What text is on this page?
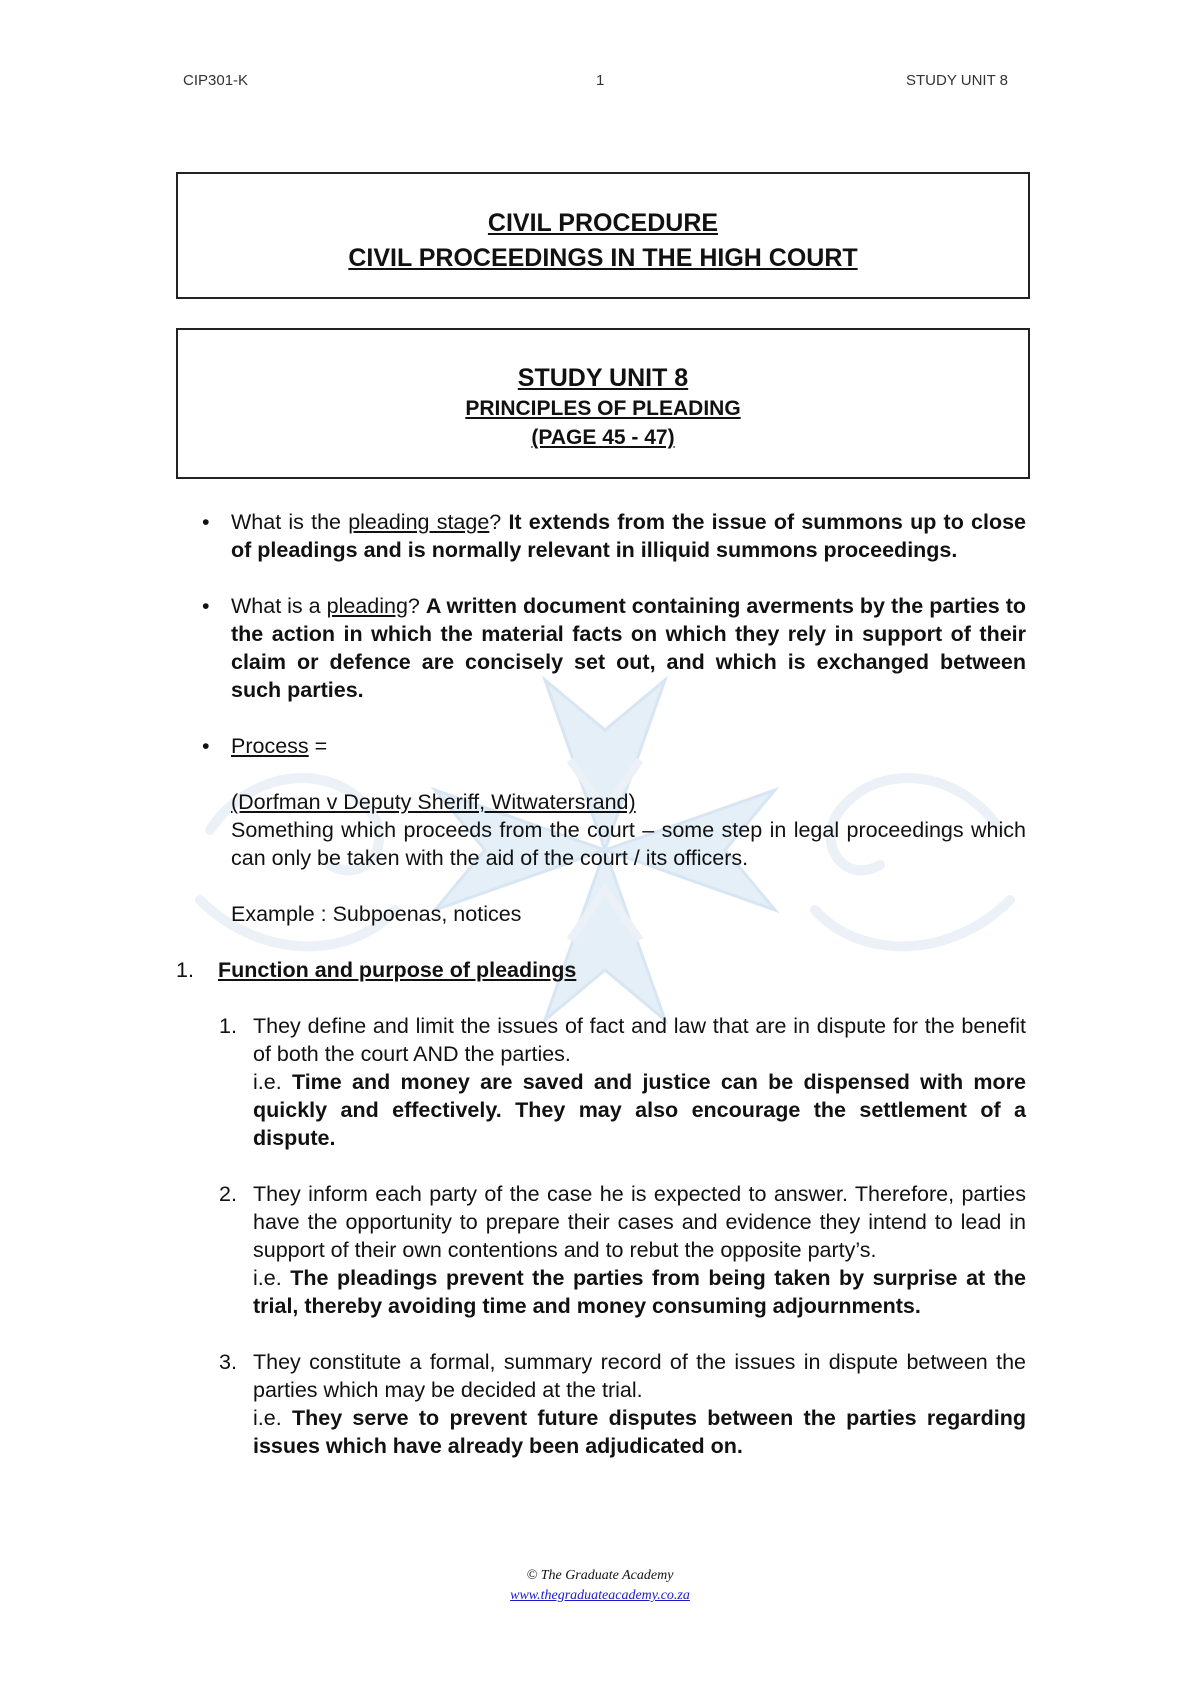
CIP301-K	1	STUDY UNIT 8
CIVIL PROCEDURE
CIVIL PROCEEDINGS IN THE HIGH COURT
STUDY UNIT 8
PRINCIPLES OF PLEADING
(PAGE 45 - 47)
• What is the pleading stage? It extends from the issue of summons up to close of pleadings and is normally relevant in illiquid summons proceedings.
• What is a pleading? A written document containing averments by the parties to the action in which the material facts on which they rely in support of their claim or defence are concisely set out, and which is exchanged between such parties.
• Process =
(Dorfman v Deputy Sheriff, Witwatersrand)
Something which proceeds from the court – some step in legal proceedings which can only be taken with the aid of the court / its officers.
Example : Subpoenas, notices
1. Function and purpose of pleadings
1. They define and limit the issues of fact and law that are in dispute for the benefit of both the court AND the parties.
i.e. Time and money are saved and justice can be dispensed with more quickly and effectively. They may also encourage the settlement of a dispute.
2. They inform each party of the case he is expected to answer. Therefore, parties have the opportunity to prepare their cases and evidence they intend to lead in support of their own contentions and to rebut the opposite party’s.
i.e. The pleadings prevent the parties from being taken by surprise at the trial, thereby avoiding time and money consuming adjournments.
3. They constitute a formal, summary record of the issues in dispute between the parties which may be decided at the trial.
i.e. They serve to prevent future disputes between the parties regarding issues which have already been adjudicated on.
© The Graduate Academy
www.thegraduateacademy.co.za
